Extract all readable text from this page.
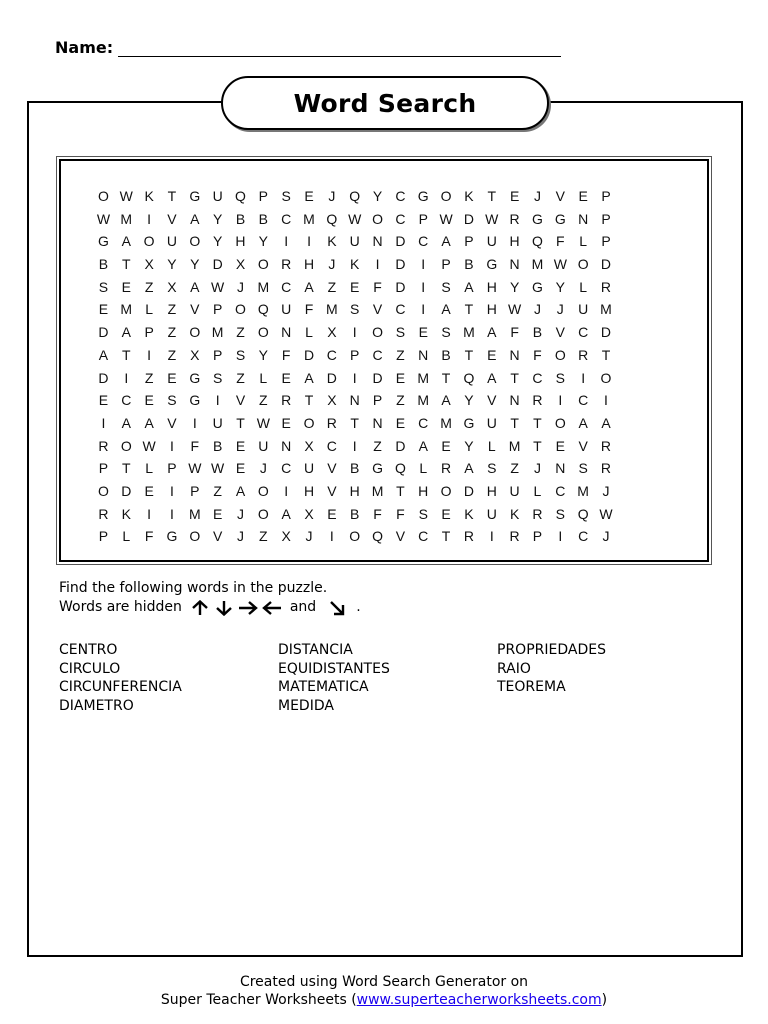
Name:
Word Search
O W K T G U Q P S E J Q Y C G O K T E J V E P
W M I V A Y B B C M Q W O C P W D W R G G N P
G A O U O Y H Y I I K U N D C A P U H Q F L P
B T X Y Y D X O R H J K I D I P B G N M W O D
S E Z X A W J M C A Z E F D I S A H Y G Y L R
E M L Z V P O Q U F M S V C I A T H W J J U M
D A P Z O M Z O N L X I O S E S M A F B V C D
A T I Z X P S Y F D C P C Z N B T E N F O R T
D I Z E G S Z L E A D I D E M T Q A T C S I O
E C E S G I V Z R T X N P Z M A Y V N R I C I
I A A V I U T W E O R T N E C M G U T T O A A
R O W I F B E U N X C I Z D A E Y L M T E V R
P T L P W W E J C U V B G Q L R A S Z J N S R
O D E I P Z A O I H V H M T H O D H U L C M J
R K I I M E J O A X E B F F S E K U K R S Q W
P L F G O V J Z X J I O Q V C T R I R P I C J
Find the following words in the puzzle.
Words are hidden	and	.
CENTRO
CIRCULO
CIRCUNFERENCIA
DIAMETRO
DISTANCIA
EQUIDISTANTES
MATEMATICA
MEDIDA
PROPRIEDADES
RAIO
TEOREMA
Created using Word Search Generator on
Super Teacher Worksheets (www.superteacherworksheets.com)
